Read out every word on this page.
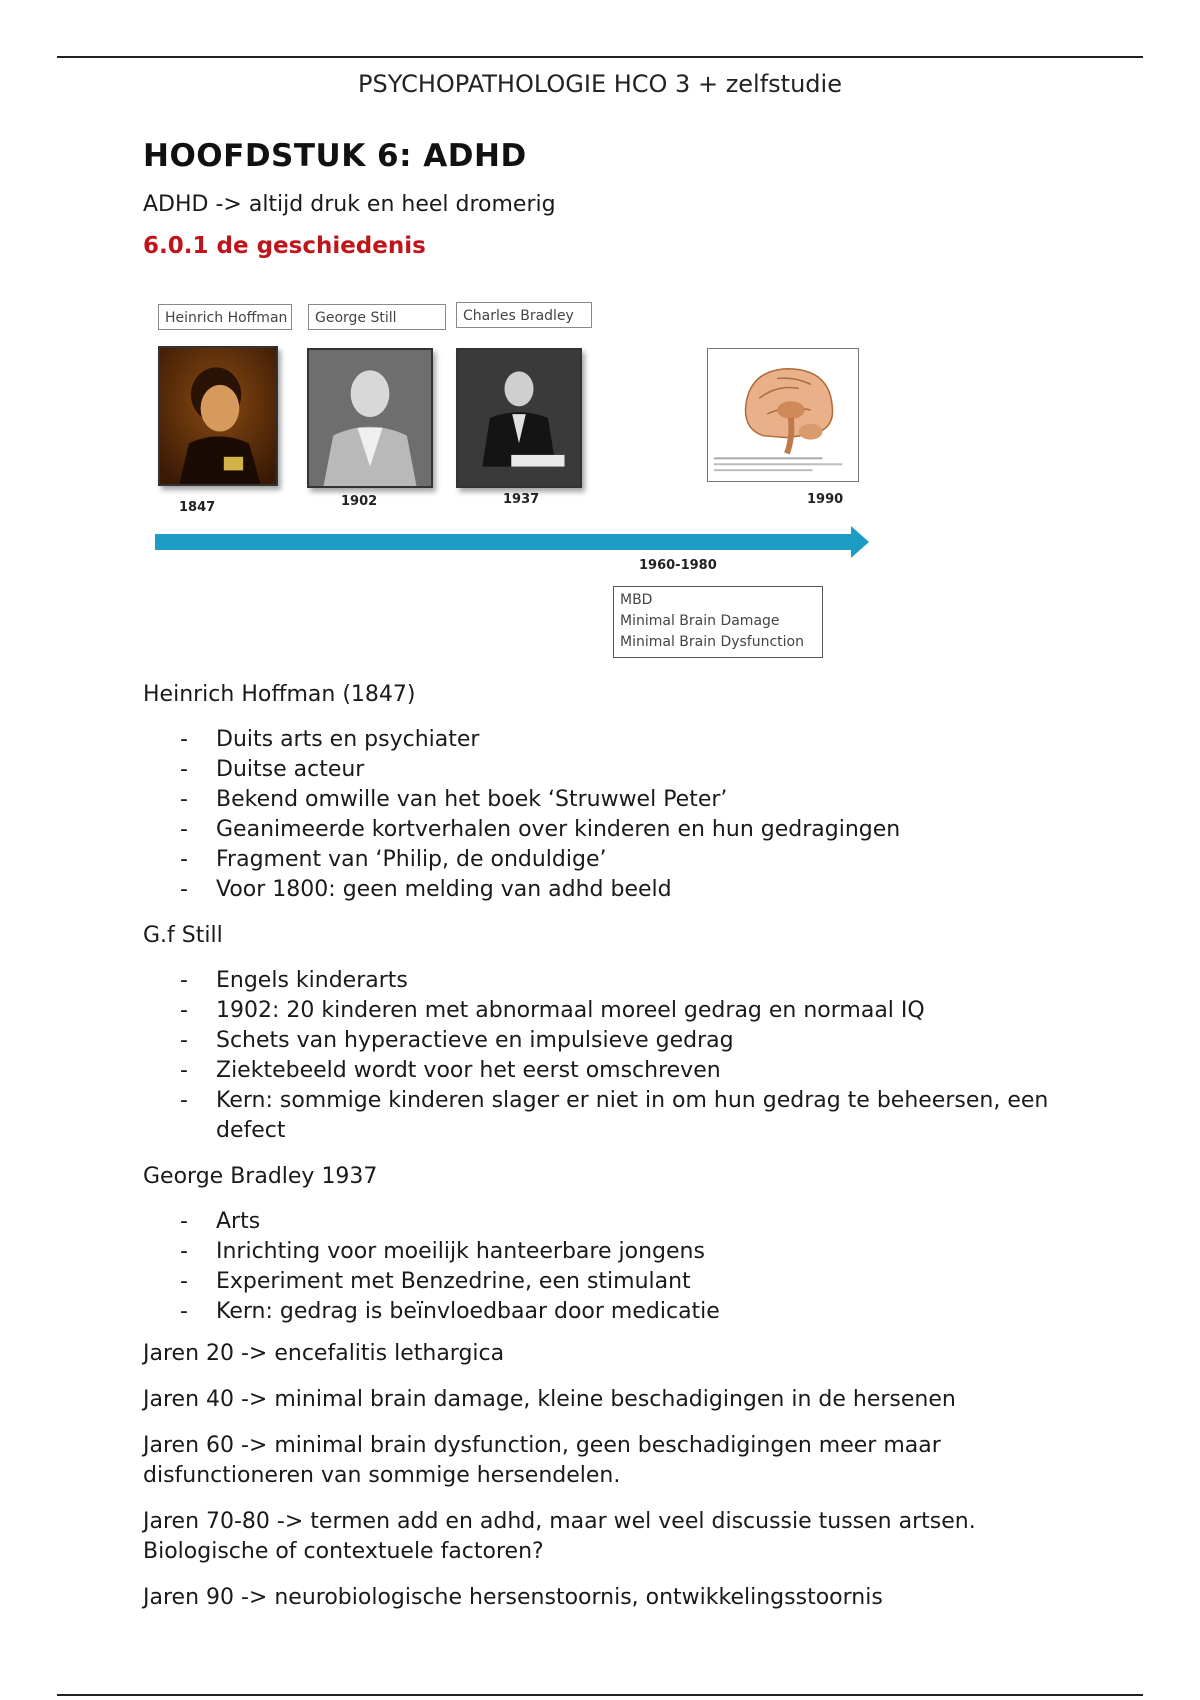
PSYCHOPATHOLOGIE HCO 3 + zelfstudie
HOOFDSTUK 6: ADHD

ADHD -> altijd druk en heel dromerig

6.0.1 de geschiedenis
Heinrich Hoffman	George Still	Charles Bradley
1847	1902	1937	1990
1960-1980
MBD
Minimal Brain Damage
Minimal Brain Dysfunction

Heinrich Hoffman (1847)

- Duits arts en psychiater
- Duitse acteur
- Bekend omwille van het boek ‘Struwwel Peter’
- Geanimeerde kortverhalen over kinderen en hun gedragingen
- Fragment van ‘Philip, de onduldige’
- Voor 1800: geen melding van adhd beeld

G.f Still

- Engels kinderarts
- 1902: 20 kinderen met abnormaal moreel gedrag en normaal IQ
- Schets van hyperactieve en impulsieve gedrag
- Ziektebeeld wordt voor het eerst omschreven
- Kern: sommige kinderen slager er niet in om hun gedrag te beheersen, een defect

George Bradley 1937

- Arts
- Inrichting voor moeilijk hanteerbare jongens
- Experiment met Benzedrine, een stimulant
- Kern: gedrag is beïnvloedbaar door medicatie

Jaren 20 -> encefalitis lethargica

Jaren 40 -> minimal brain damage, kleine beschadigingen in de hersenen

Jaren 60 -> minimal brain dysfunction, geen beschadigingen meer maar disfunctioneren van sommige hersendelen.

Jaren 70-80 -> termen add en adhd, maar wel veel discussie tussen artsen. Biologische of contextuele factoren?

Jaren 90 -> neurobiologische hersenstoornis, ontwikkelingsstoornis
